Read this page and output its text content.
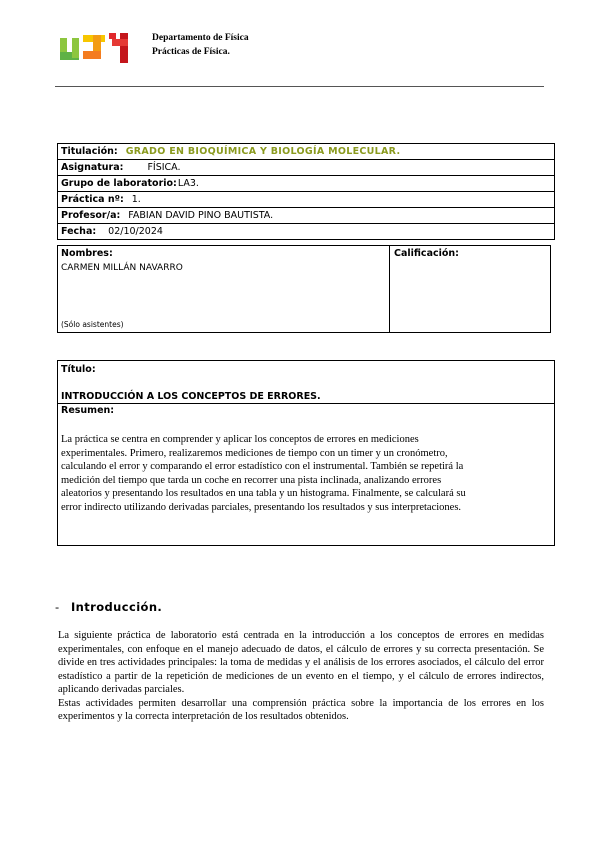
Departamento de Física
Prácticas de Física.
Titulación: GRADO EN BIOQUÍMICA Y BIOLOGÍA MOLECULAR.
Asignatura:	FÍSICA.
Grupo de laboratorio:LA3.
Práctica nº: 1.
Profesor/a: FABIAN DAVID PINO BAUTISTA.
Fecha: 02/10/2024
Nombres:
CARMEN MILLÁN NAVARRO
(Sólo asistentes)
Calificación:
Título:
INTRODUCCIÓN A LOS CONCEPTOS DE ERRORES.
Resumen:
La práctica se centra en comprender y aplicar los conceptos de errores en mediciones
experimentales. Primero, realizaremos mediciones de tiempo con un timer y un cronómetro,
calculando el error y comparando el error estadístico con el instrumental. También se repetirá la
medición del tiempo que tarda un coche en recorrer una pista inclinada, analizando errores
aleatorios y presentando los resultados en una tabla y un histograma. Finalmente, se calculará su
error indirecto utilizando derivadas parciales, presentando los resultados y sus interpretaciones.
- Introducción.

La siguiente práctica de laboratorio está centrada en la introducción a los conceptos de errores en medidas experimentales, con enfoque en el manejo adecuado de datos, el cálculo de errores y su correcta presentación. Se divide en tres actividades principales: la toma de medidas y el análisis de los errores asociados, el cálculo del error estadístico a partir de la repetición de mediciones de un evento en el tiempo, y el cálculo de errores indirectos, aplicando derivadas parciales.

Estas actividades permiten desarrollar una comprensión práctica sobre la importancia de los errores en los experimentos y la correcta interpretación de los resultados obtenidos.
